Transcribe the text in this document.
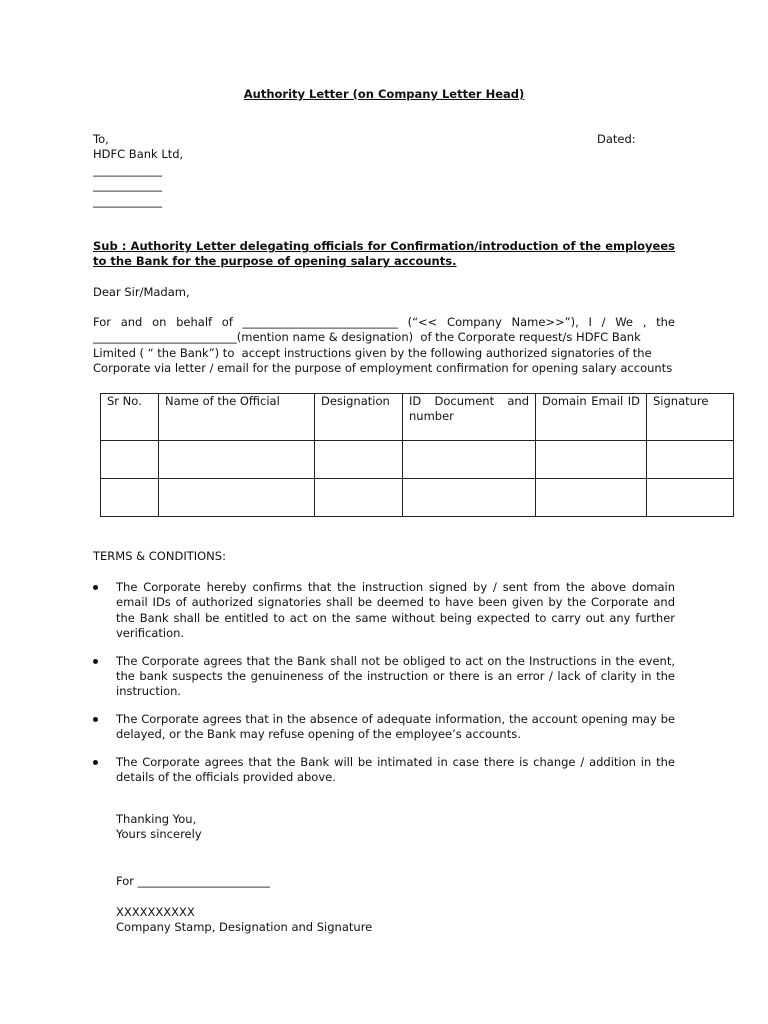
Authority Letter (on Company Letter Head)
To,
HDFC Bank Ltd,
____________
____________
____________
Dated:
Sub : Authority Letter delegating officials for Confirmation/introduction of the employees to the Bank for the purpose of opening salary accounts.
Dear Sir/Madam,
For and on behalf of ___________________________ (“<< Company Name>>”), I / We , the
_________________________(mention name & designation)  of the Corporate request/s HDFC Bank
Limited ( “ the Bank”) to  accept instructions given by the following authorized signatories of the
Corporate via letter / email for the purpose of employment confirmation for opening salary accounts
Sr No.	Name of the Official	Designation	ID Document and number	Domain Email ID	Signature

TERMS & CONDITIONS:
The Corporate hereby confirms that the instruction signed by / sent from the above domain email IDs of authorized signatories shall be deemed to have been given by the Corporate and the Bank shall be entitled to act on the same without being expected to carry out any further verification.
The Corporate agrees that the Bank shall not be obliged to act on the Instructions in the event, the bank suspects the genuineness of the instruction or there is an error / lack of clarity in the instruction.
The Corporate agrees that in the absence of adequate information, the account opening may be delayed, or the Bank may refuse opening of the employee’s accounts.
The Corporate agrees that the Bank will be intimated in case there is change / addition in the details of the officials provided above.
Thanking You,
Yours sincerely
For _______________________
XXXXXXXXXX
Company Stamp, Designation and Signature
